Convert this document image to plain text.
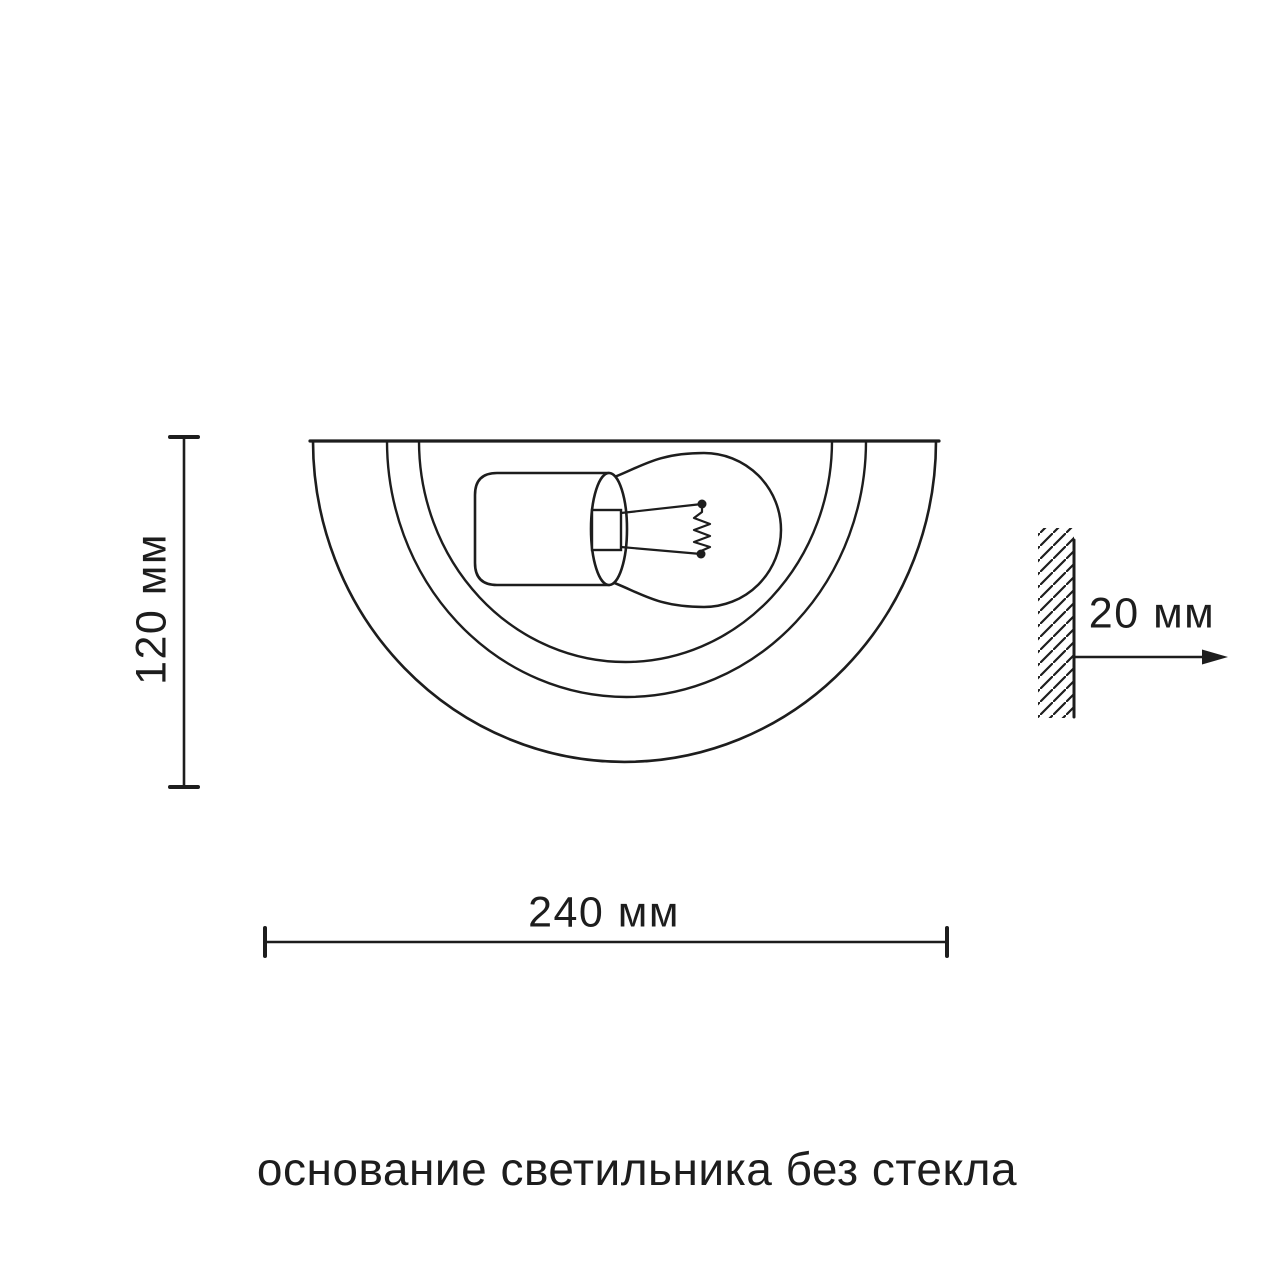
120 мм
240 мм
20 мм
основание светильника без стекла
